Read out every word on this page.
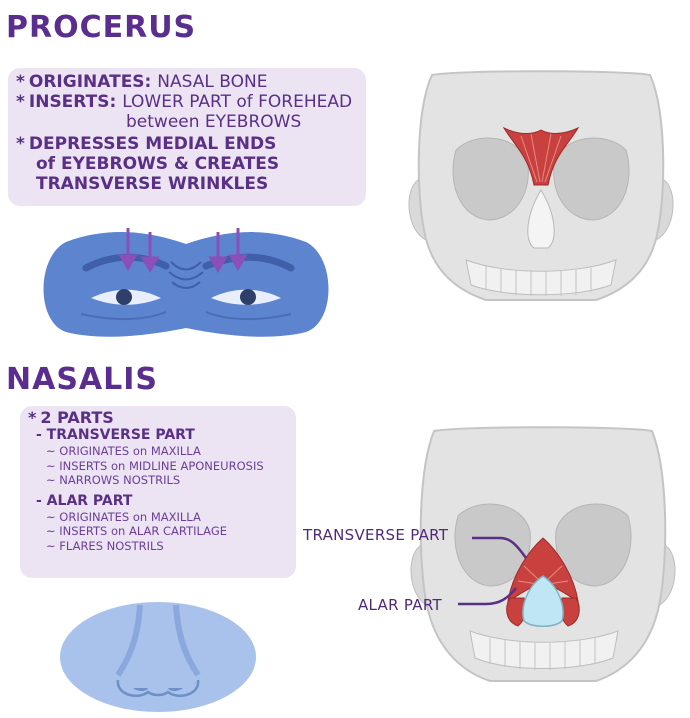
PROCERUS

* ORIGINATES: NASAL BONE

* INSERTS: LOWER PART of FOREHEAD

between EYEBROWS

* DEPRESSES MEDIAL ENDS

of EYEBROWS & CREATES

TRANSVERSE WRINKLES

NASALIS

* 2 PARTS

- TRANSVERSE PART

~ ORIGINATES on MAXILLA

~ INSERTS on MIDLINE APONEUROSIS

~ NARROWS NOSTRILS

- ALAR PART

~ ORIGINATES on MAXILLA

~ INSERTS on ALAR CARTILAGE

~ FLARES NOSTRILS

TRANSVERSE PART
ALAR PART
